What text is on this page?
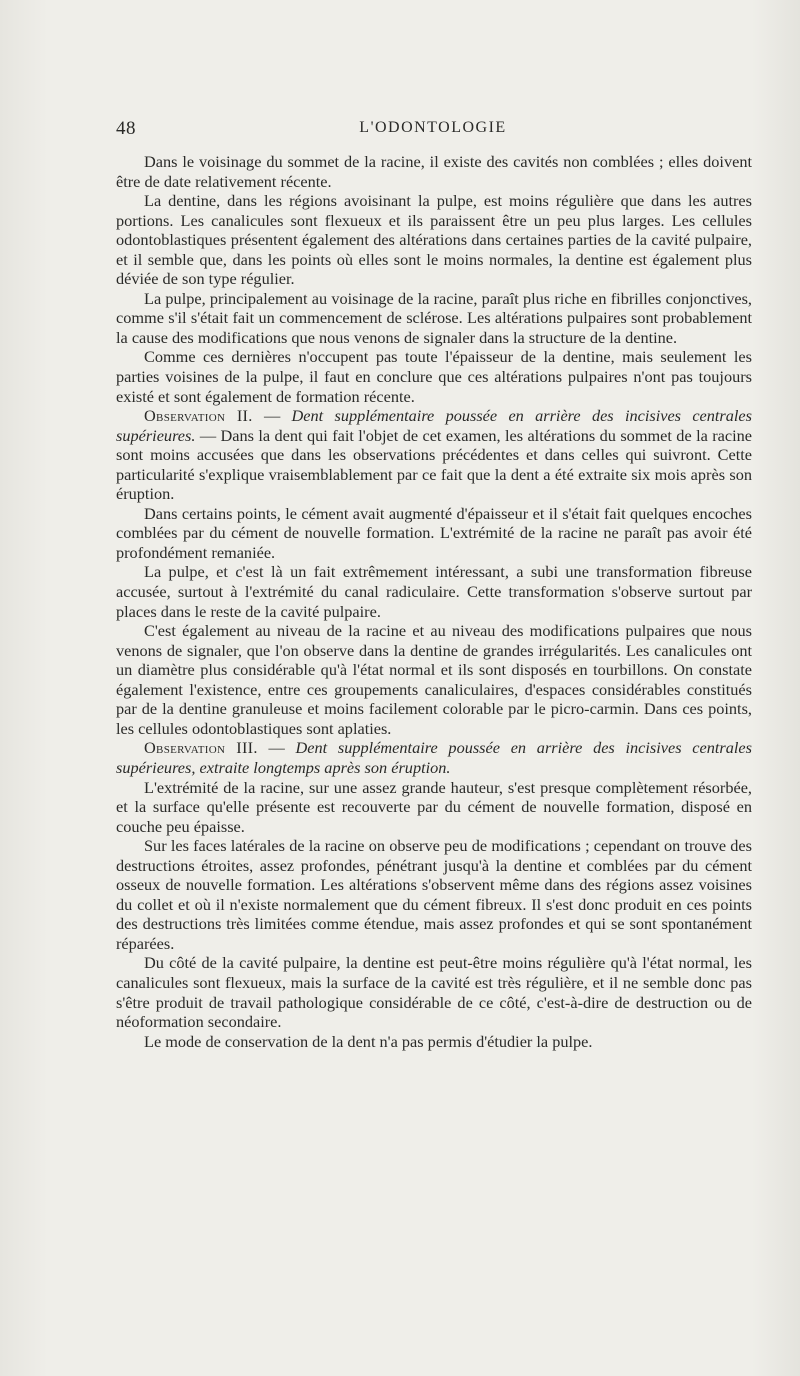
48	L'ODONTOLOGIE

Dans le voisinage du sommet de la racine, il existe des cavités non comblées ; elles doivent être de date relativement récente.

La dentine, dans les régions avoisinant la pulpe, est moins régulière que dans les autres portions. Les canalicules sont flexueux et ils paraissent être un peu plus larges. Les cellules odontoblastiques présentent également des altérations dans certaines parties de la cavité pulpaire, et il semble que, dans les points où elles sont le moins normales, la dentine est également plus déviée de son type régulier.

La pulpe, principalement au voisinage de la racine, paraît plus riche en fibrilles conjonctives, comme s'il s'était fait un commencement de sclérose. Les altérations pulpaires sont probablement la cause des modifications que nous venons de signaler dans la structure de la dentine.

Comme ces dernières n'occupent pas toute l'épaisseur de la dentine, mais seulement les parties voisines de la pulpe, il faut en conclure que ces altérations pulpaires n'ont pas toujours existé et sont également de formation récente.

Observation II. — Dent supplémentaire poussée en arrière des incisives centrales supérieures. — Dans la dent qui fait l'objet de cet examen, les altérations du sommet de la racine sont moins accusées que dans les observations précédentes et dans celles qui suivront. Cette particularité s'explique vraisemblablement par ce fait que la dent a été extraite six mois après son éruption.

Dans certains points, le cément avait augmenté d'épaisseur et il s'était fait quelques encoches comblées par du cément de nouvelle formation. L'extrémité de la racine ne paraît pas avoir été profondément remaniée.

La pulpe, et c'est là un fait extrêmement intéressant, a subi une transformation fibreuse accusée, surtout à l'extrémité du canal radiculaire. Cette transformation s'observe surtout par places dans le reste de la cavité pulpaire.

C'est également au niveau de la racine et au niveau des modifications pulpaires que nous venons de signaler, que l'on observe dans la dentine de grandes irrégularités. Les canalicules ont un diamètre plus considérable qu'à l'état normal et ils sont disposés en tourbillons. On constate également l'existence, entre ces groupements canaliculaires, d'espaces considérables constitués par de la dentine granuleuse et moins facilement colorable par le picro-carmin. Dans ces points, les cellules odontoblastiques sont aplaties.

Observation III. — Dent supplémentaire poussée en arrière des incisives centrales supérieures, extraite longtemps après son éruption.

L'extrémité de la racine, sur une assez grande hauteur, s'est presque complètement résorbée, et la surface qu'elle présente est recouverte par du cément de nouvelle formation, disposé en couche peu épaisse.

Sur les faces latérales de la racine on observe peu de modifications ; cependant on trouve des destructions étroites, assez profondes, pénétrant jusqu'à la dentine et comblées par du cément osseux de nouvelle formation. Les altérations s'observent même dans des régions assez voisines du collet et où il n'existe normalement que du cément fibreux. Il s'est donc produit en ces points des destructions très limitées comme étendue, mais assez profondes et qui se sont spontanément réparées.

Du côté de la cavité pulpaire, la dentine est peut-être moins régulière qu'à l'état normal, les canalicules sont flexueux, mais la surface de la cavité est très régulière, et il ne semble donc pas s'être produit de travail pathologique considérable de ce côté, c'est-à-dire de destruction ou de néoformation secondaire.

Le mode de conservation de la dent n'a pas permis d'étudier la pulpe.
